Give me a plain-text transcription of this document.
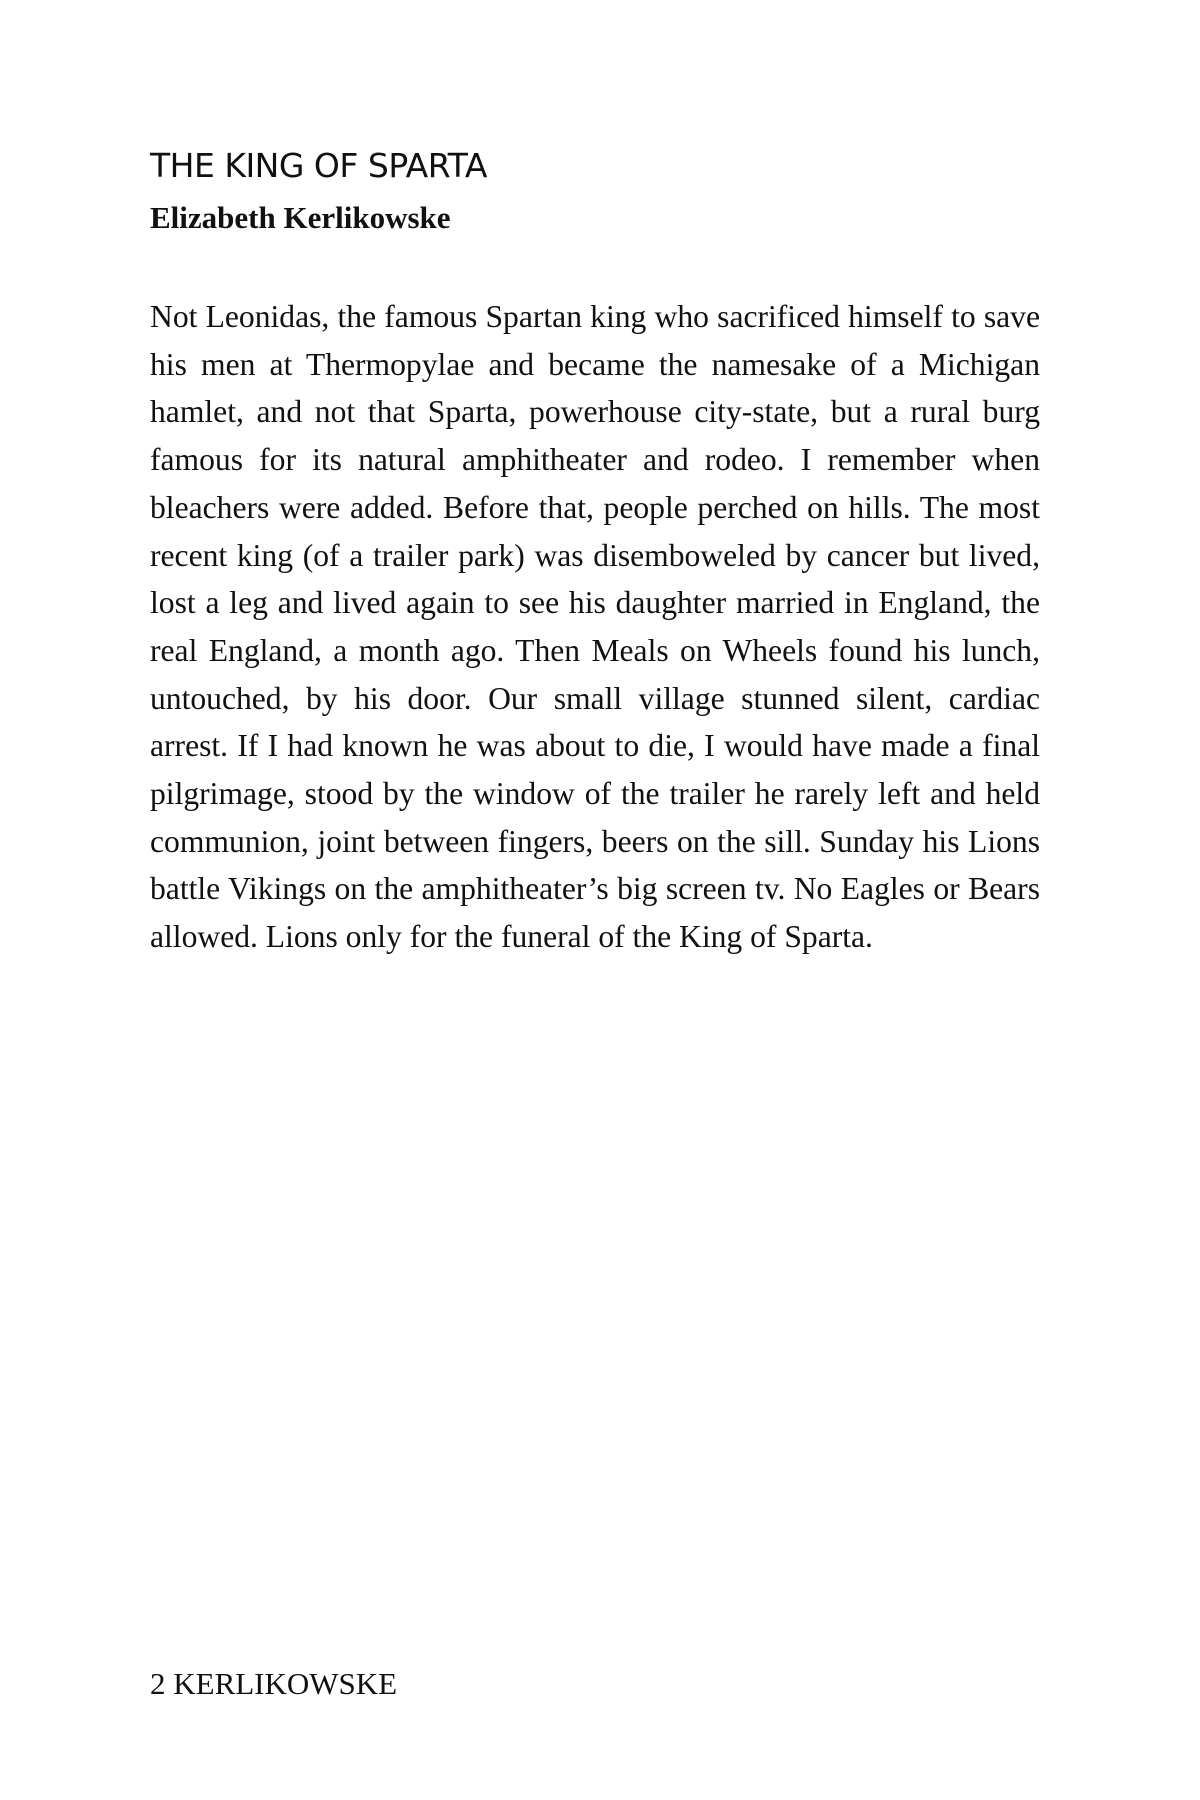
THE KING OF SPARTA
Elizabeth Kerlikowske

Not Leonidas, the famous Spartan king who sacrificed himself to save his men at Thermopylae and became the namesake of a Michigan hamlet, and not that Sparta, powerhouse city-state, but a rural burg famous for its natural amphitheater and rodeo. I remember when bleachers were added. Before that, people perched on hills. The most recent king (of a trailer park) was disemboweled by cancer but lived, lost a leg and lived again to see his daughter married in England, the real England, a month ago. Then Meals on Wheels found his lunch, untouched, by his door. Our small village stunned silent, cardiac arrest. If I had known he was about to die, I would have made a final pilgrimage, stood by the window of the trailer he rarely left and held communion, joint between fingers, beers on the sill. Sunday his Lions battle Vikings on the amphitheater’s big screen tv. No Eagles or Bears allowed. Lions only for the funeral of the King of Sparta.

2 KERLIKOWSKE
